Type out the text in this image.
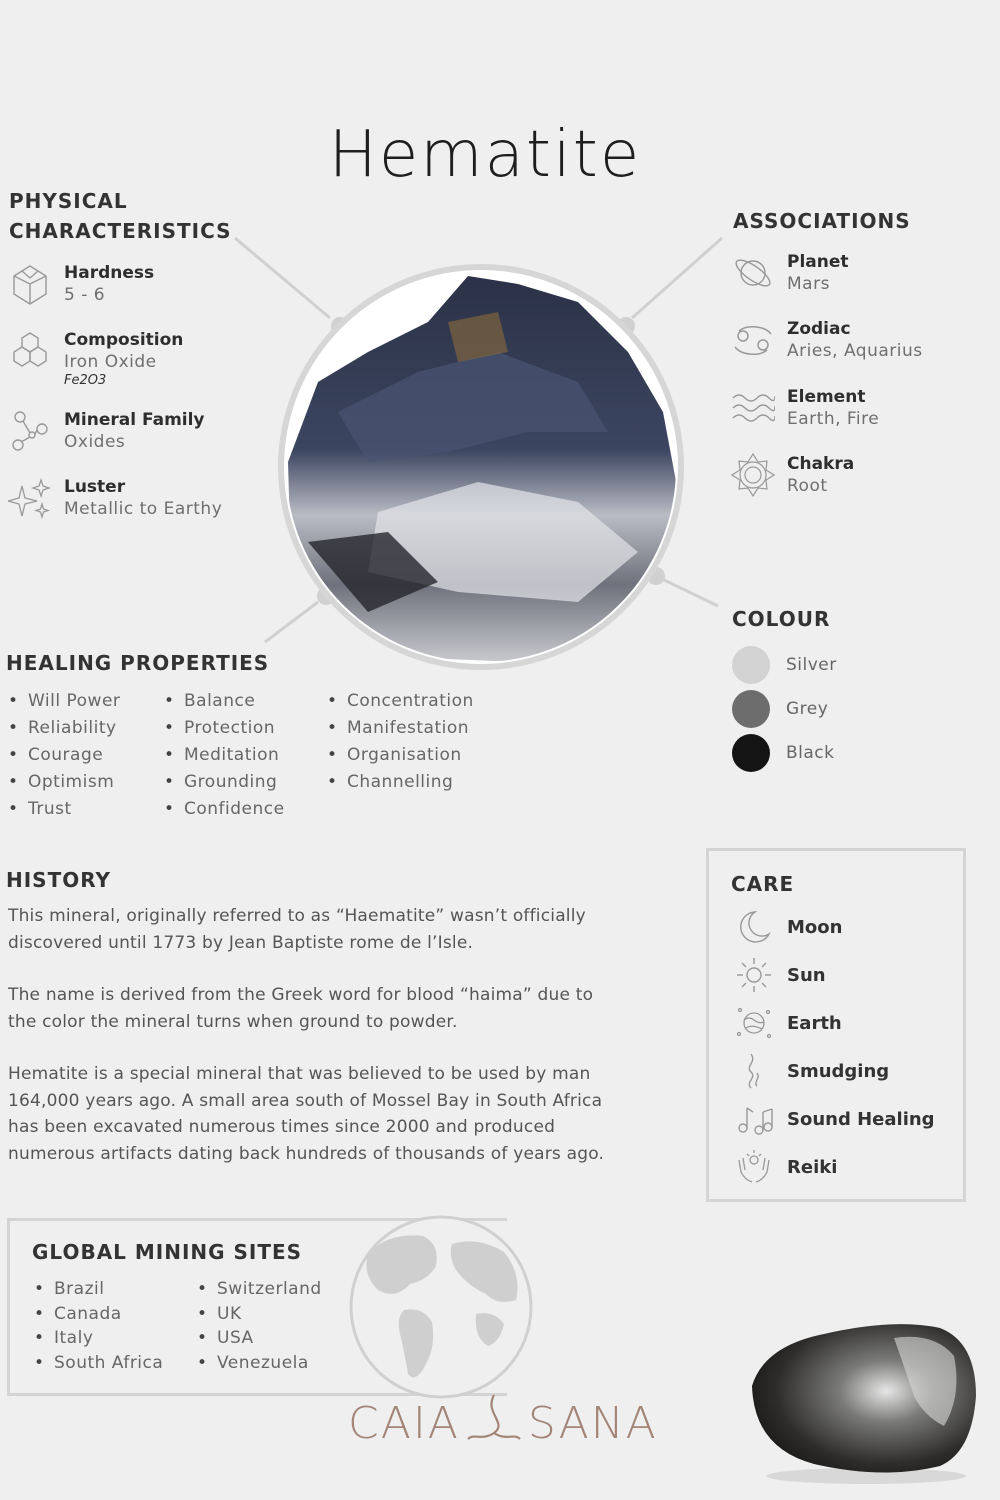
Hematite
PHYSICAL
CHARACTERISTICS
Hardness
5 - 6
Composition
Iron Oxide
Fe2O3
Mineral Family
Oxides
Luster
Metallic to Earthy
ASSOCIATIONS
Planet
Mars
Zodiac
Aries, Aquarius
Element
Earth, Fire
Chakra
Root
COLOUR
Silver
Grey
Black
HEALING PROPERTIES
• Will Power
• Reliability
• Courage
• Optimism
• Trust
• Balance
• Protection
• Meditation
• Grounding
• Confidence
• Concentration
• Manifestation
• Organisation
• Channelling
HISTORY

This mineral, originally referred to as “Haematite” wasn’t officially
discovered until 1773 by Jean Baptiste rome de l’Isle.

The name is derived from the Greek word for blood “haima” due to
the color the mineral turns when ground to powder.

Hematite is a special mineral that was believed to be used by man
164,000 years ago. A small area south of Mossel Bay in South Africa
has been excavated numerous times since 2000 and produced
numerous artifacts dating back hundreds of thousands of years ago.

CARE
Moon
Sun
Earth
Smudging
Sound Healing
Reiki
GLOBAL MINING SITES
• Brazil
• Canada
• Italy
• South Africa
• Switzerland
• UK
• USA
• Venezuela
CAIA SANA
